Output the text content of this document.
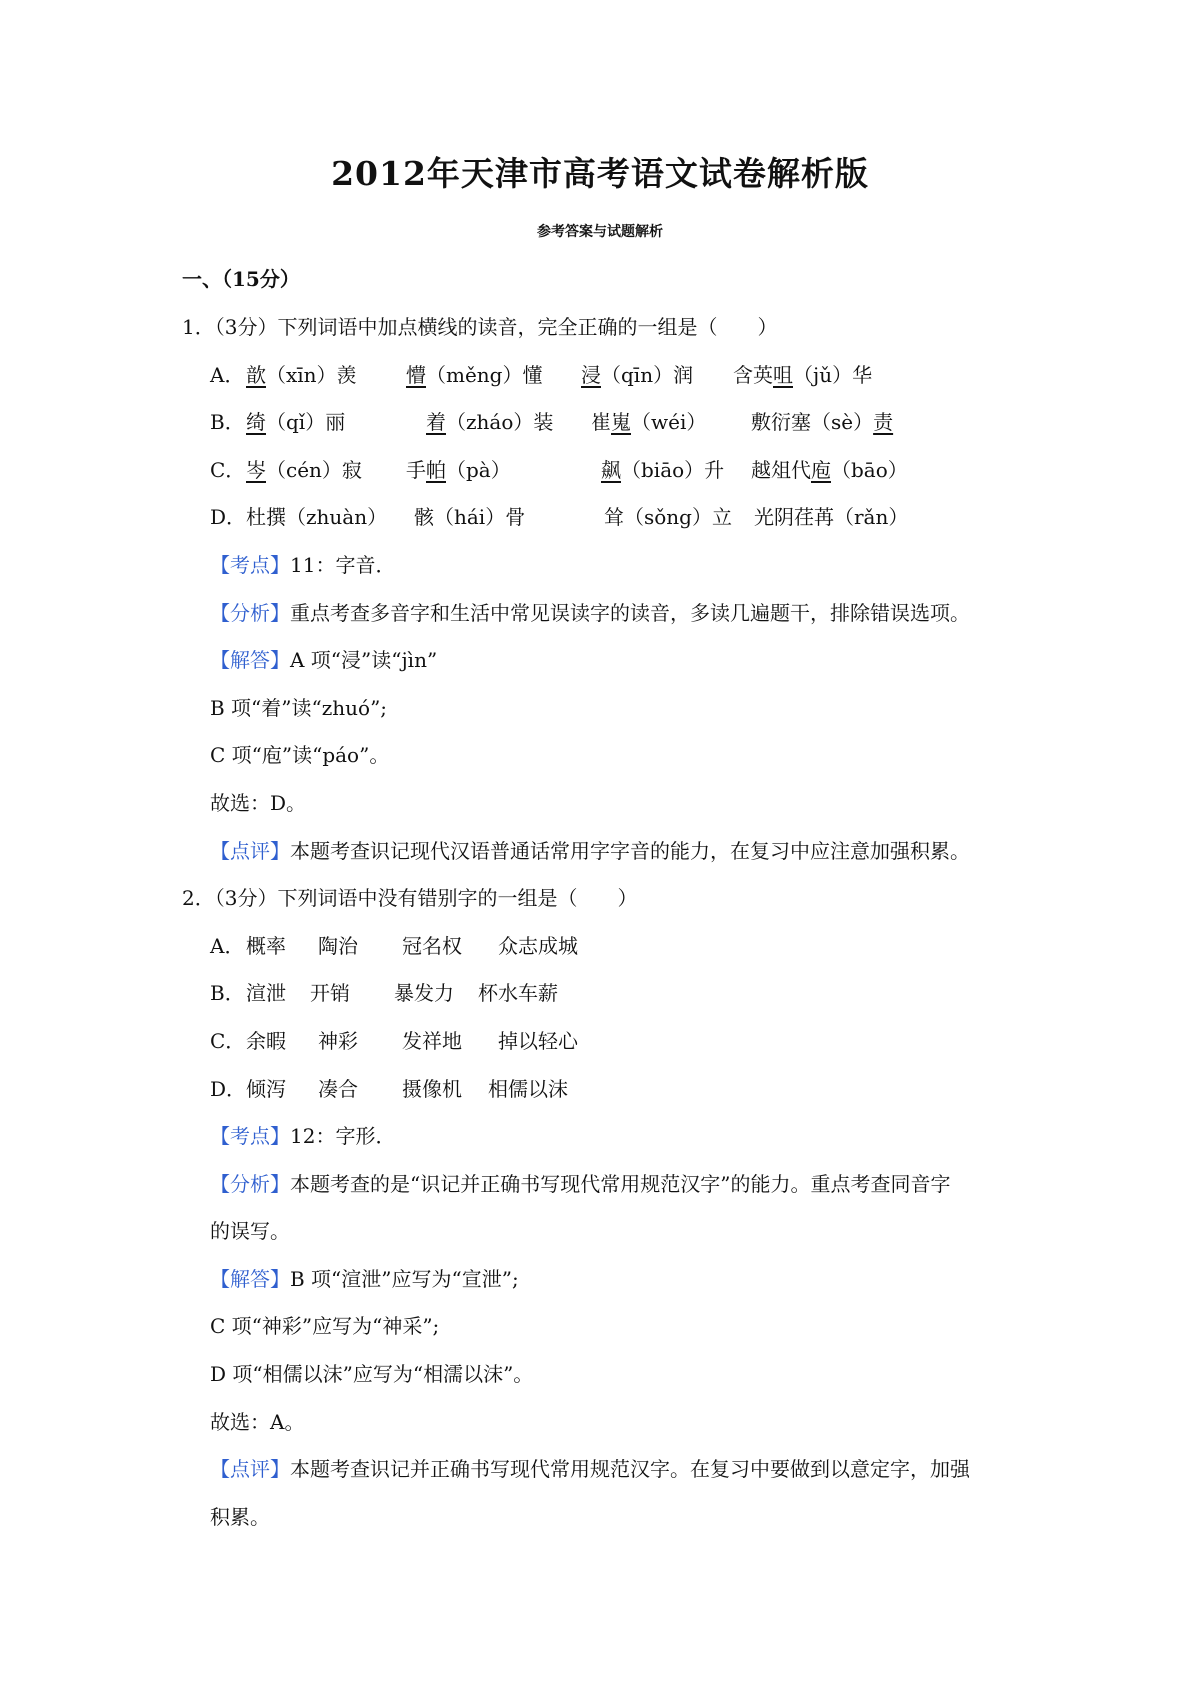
2012年天津市高考语文试卷解析版
参考答案与试题解析
一、（15分）
1．（3分）下列词语中加点横线的读音，完全正确的一组是（　　）
A．歆（xīn）羡 懵（měng）懂 浸（qīn）润 含英咀（jǔ）华
B．绮（qǐ）丽	着（zháo）装 崔嵬（wéi） 敷衍塞（sè）责
C．岑（cén）寂 手帕（pà）	飙（biāo）升 越俎代庖（bāo）
D．杜撰（zhuàn） 骸（hái）骨	耸（sǒng）立 光阴荏苒（rǎn）
【考点】11：字音．
【分析】重点考查多音字和生活中常见误读字的读音，多读几遍题干，排除错误选项。
【解答】A 项“浸”读“jìn”
B 项“着”读“zhuó”;
C 项“庖”读“páo”。
故选：D。
【点评】本题考查识记现代汉语普通话常用字字音的能力，在复习中应注意加强积累。
2．（3分）下列词语中没有错别字的一组是（　　）
A．概率 陶治 冠名权 众志成城
B．渲泄 开销 暴发力 杯水车薪
C．余暇 神彩 发祥地 掉以轻心
D．倾泻 凑合 摄像机 相儒以沫
【考点】12：字形．
【分析】本题考查的是“识记并正确书写现代常用规范汉字”的能力。重点考查同音字
的误写。
【解答】B 项“渲泄”应写为“宣泄”;
C 项“神彩”应写为“神采”;
D 项“相儒以沫”应写为“相濡以沫”。
故选：A。
【点评】本题考查识记并正确书写现代常用规范汉字。在复习中要做到以意定字，加强
积累。
